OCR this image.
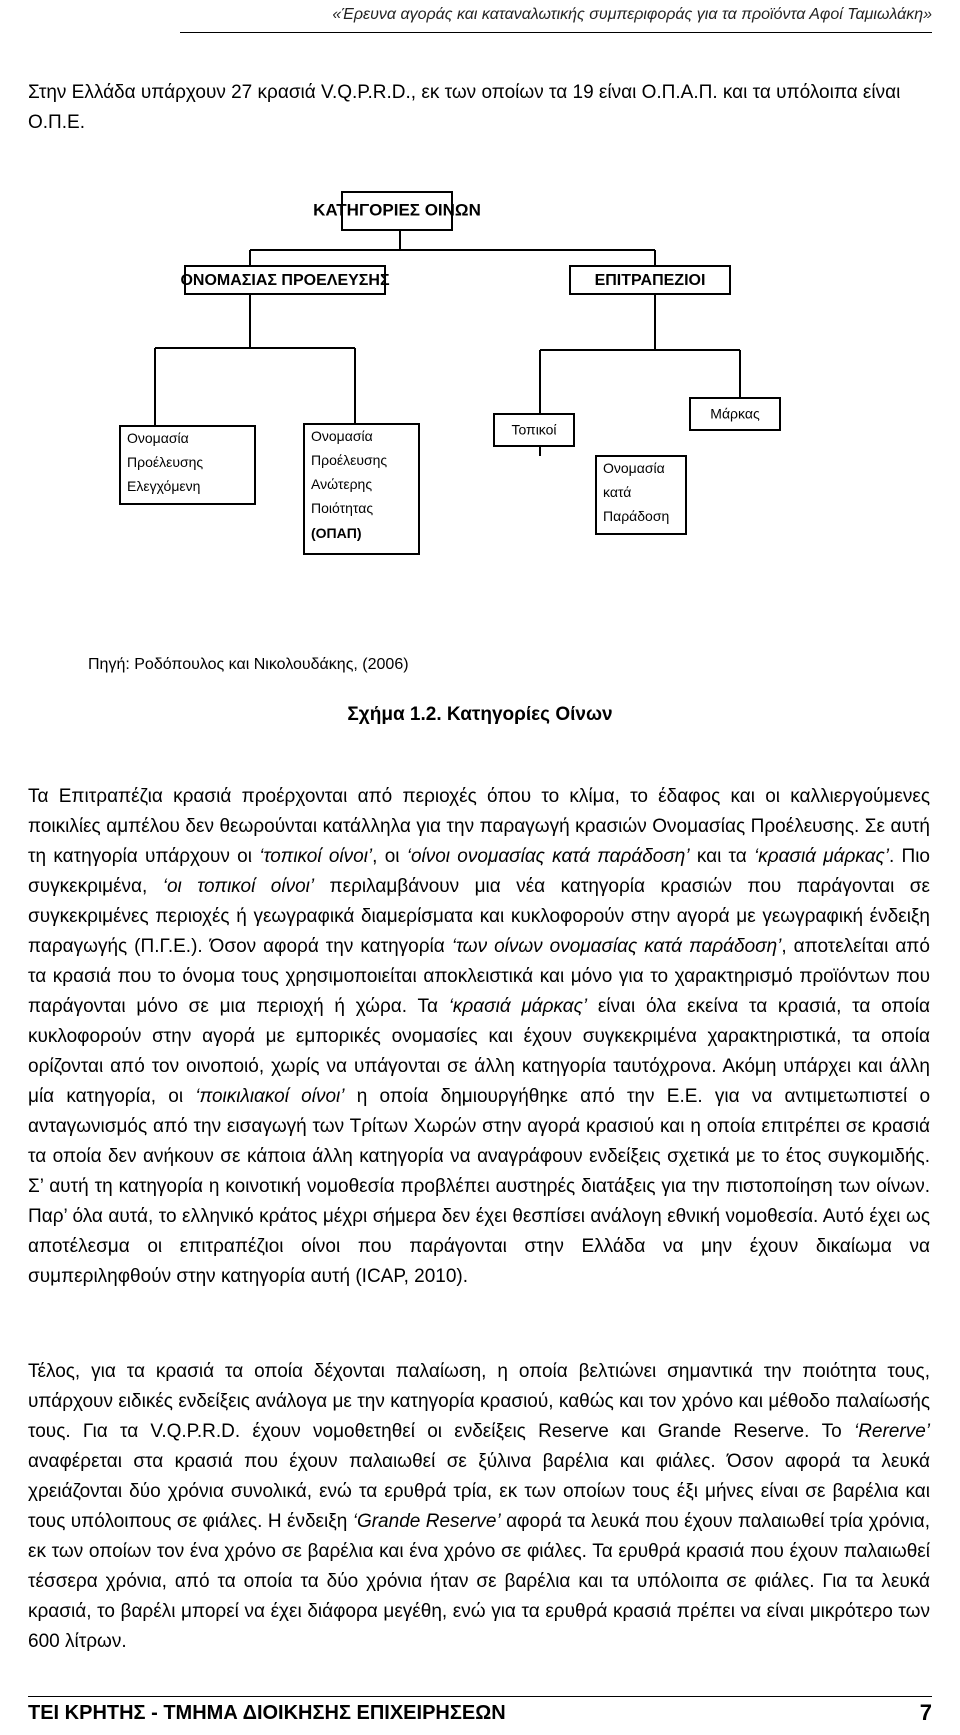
«Έρευνα αγοράς και καταναλωτικής συμπεριφοράς για τα προϊόντα Αφοί Ταμιωλάκη»
Στην Ελλάδα υπάρχουν 27 κρασιά V.Q.P.R.D., εκ των οποίων τα 19 είναι Ο.Π.Α.Π. και τα υπόλοιπα είναι Ο.Π.Ε.
ΚΑΤΗΓΟΡΙΕΣ ΟΙΝΩΝ
ΟΝΟΜΑΣΙΑΣ ΠΡΟΕΛΕΥΣΗΣ	ΕΠΙΤΡΑΠΕΖΙΟΙ
Ονομασία
Προέλευσης
Ελεγχόμενη
Ονομασία
Προέλευσης
Ανώτερης
Ποιότητας
(ΟΠΑΠ)
Τοπικοί
Μάρκας
Ονομασία
κατά
Παράδοση
Πηγή: Ροδόπουλος και Νικολουδάκης, (2006)
Σχήμα 1.2. Κατηγορίες Οίνων
Τα Επιτραπέζια κρασιά προέρχονται από περιοχές όπου το κλίμα, το έδαφος και οι καλλιεργούμενες ποικιλίες αμπέλου δεν θεωρούνται κατάλληλα για την παραγωγή κρασιών Ονομασίας Προέλευσης. Σε αυτή τη κατηγορία υπάρχουν οι ‘τοπικοί οίνοι’, οι ‘οίνοι ονομασίας κατά παράδοση’ και τα ‘κρασιά μάρκας’. Πιο συγκεκριμένα, ‘οι τοπικοί οίνοι’ περιλαμβάνουν μια νέα κατηγορία κρασιών που παράγονται σε συγκεκριμένες περιοχές ή γεωγραφικά διαμερίσματα και κυκλοφορούν στην αγορά με γεωγραφική ένδειξη παραγωγής (Π.Γ.Ε.). Όσον αφορά την κατηγορία ‘των οίνων ονομασίας κατά παράδοση’, αποτελείται από τα κρασιά που το όνομα τους χρησιμοποιείται αποκλειστικά και μόνο για το χαρακτηρισμό προϊόντων που παράγονται μόνο σε μια περιοχή ή χώρα. Τα ‘κρασιά μάρκας’ είναι όλα εκείνα τα κρασιά, τα οποία κυκλοφορούν στην αγορά με εμπορικές ονομασίες και έχουν συγκεκριμένα χαρακτηριστικά, τα οποία ορίζονται από τον οινοποιό, χωρίς να υπάγονται σε άλλη κατηγορία ταυτόχρονα. Ακόμη υπάρχει και άλλη μία κατηγορία, οι ‘ποικιλιακοί οίνοι’ η οποία δημιουργήθηκε από την Ε.Ε. για να αντιμετωπιστεί ο ανταγωνισμός από την εισαγωγή των Τρίτων Χωρών στην αγορά κρασιού και η οποία επιτρέπει σε κρασιά τα οποία δεν ανήκουν σε κάποια άλλη κατηγορία να αναγράφουν ενδείξεις σχετικά με το έτος συγκομιδής. Σ’ αυτή τη κατηγορία η κοινοτική νομοθεσία προβλέπει αυστηρές διατάξεις για την πιστοποίηση των οίνων. Παρ’ όλα αυτά, το ελληνικό κράτος μέχρι σήμερα δεν έχει θεσπίσει ανάλογη εθνική νομοθεσία. Αυτό έχει ως αποτέλεσμα οι επιτραπέζιοι οίνοι που παράγονται στην Ελλάδα να μην έχουν δικαίωμα να συμπεριληφθούν στην κατηγορία αυτή (ICAP, 2010).
Τέλος, για τα κρασιά τα οποία δέχονται παλαίωση, η οποία βελτιώνει σημαντικά την ποιότητα τους, υπάρχουν ειδικές ενδείξεις ανάλογα με την κατηγορία κρασιού, καθώς και τον χρόνο και μέθοδο παλαίωσής τους. Για τα V.Q.P.R.D. έχουν νομοθετηθεί οι ενδείξεις Reserve και Grande Reserve. Το ‘Rererve’ αναφέρεται στα κρασιά που έχουν παλαιωθεί σε ξύλινα βαρέλια και φιάλες. Όσον αφορά τα λευκά χρειάζονται δύο χρόνια συνολικά, ενώ τα ερυθρά τρία, εκ των οποίων τους έξι μήνες είναι σε βαρέλια και τους υπόλοιπους σε φιάλες. Η ένδειξη ‘Grande Reserve’ αφορά τα λευκά που έχουν παλαιωθεί τρία χρόνια, εκ των οποίων τον ένα χρόνο σε βαρέλια και ένα χρόνο σε φιάλες. Τα ερυθρά κρασιά που έχουν παλαιωθεί τέσσερα χρόνια, από τα οποία τα δύο χρόνια ήταν σε βαρέλια και τα υπόλοιπα σε φιάλες. Για τα λευκά κρασιά, το βαρέλι μπορεί να έχει διάφορα μεγέθη, ενώ για τα ερυθρά κρασιά πρέπει να είναι μικρότερο των 600 λίτρων.
ΤΕΙ ΚΡΗΤΗΣ - ΤΜΗΜΑ ΔΙΟΙΚΗΣΗΣ ΕΠΙΧΕΙΡΗΣΕΩΝ	7
